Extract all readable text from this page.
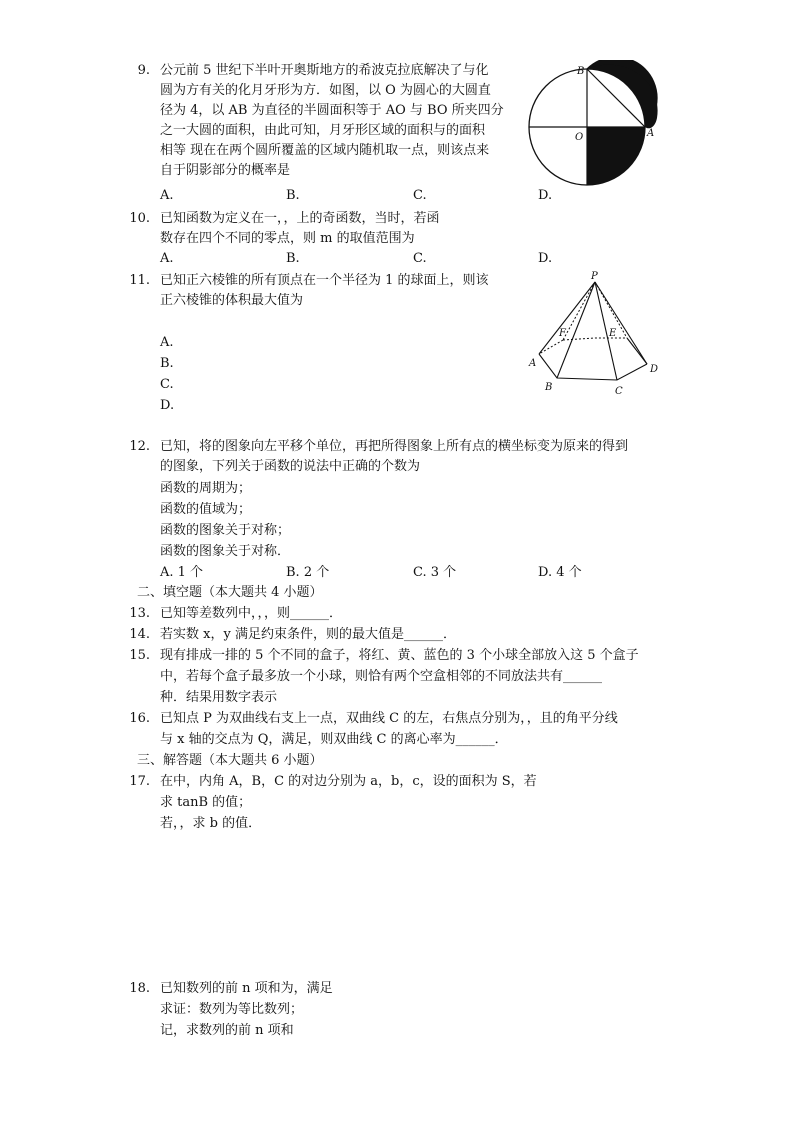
9. 公元前 5 世纪下半叶开奥斯地方的希波克拉底解决了与化
圆为方有关的化月牙形为方．如图，以 O 为圆心的大圆直
径为 4，以 AB 为直径的半圆面积等于 AO 与 BO 所夹四分
之一大圆的面积，由此可知，月牙形区域的面积与的面积
相等 现在在两个圆所覆盖的区域内随机取一点，则该点来
自于阴影部分的概率是
A.	B.	C.	D.
B
O	A
10. 已知函数为定义在一，，上的奇函数，当时，若函
数存在四个不同的零点，则 m 的取值范围为
A.	B.	C.	D.
11. 已知正六棱锥的所有顶点在一个半径为 1 的球面上，则该
正六棱锥的体积最大值为
A.
B.
C.
D.
P
A
B	C
D
E
F
12. 已知，将的图象向左平移个单位，再把所得图象上所有点的横坐标变为原来的得到
的图象，下列关于函数的说法中正确的个数为
函数的周期为；
函数的值域为；
函数的图象关于对称；
函数的图象关于对称．
A. 1 个	B. 2 个	C. 3 个	D. 4 个
二、填空题（本大题共 4 小题）
13. 已知等差数列中，，，则______．
14. 若实数 x，y 满足约束条件，则的最大值是______．
15. 现有排成一排的 5 个不同的盒子，将红、黄、蓝色的 3 个小球全部放入这 5 个盒子
中，若每个盒子最多放一个小球，则恰有两个空盒相邻的不同放法共有______
种．结果用数字表示
16. 已知点 P 为双曲线右支上一点，双曲线 C 的左，右焦点分别为，，且的角平分线
与 x 轴的交点为 Q，满足，则双曲线 C 的离心率为______．
三、解答题（本大题共 6 小题）
17. 在中，内角 A，B，C 的对边分别为 a，b，c，设的面积为 S，若
求 tanB 的值；
若，，求 b 的值．
18. 已知数列的前 n 项和为，满足
求证：数列为等比数列；
记，求数列的前 n 项和
